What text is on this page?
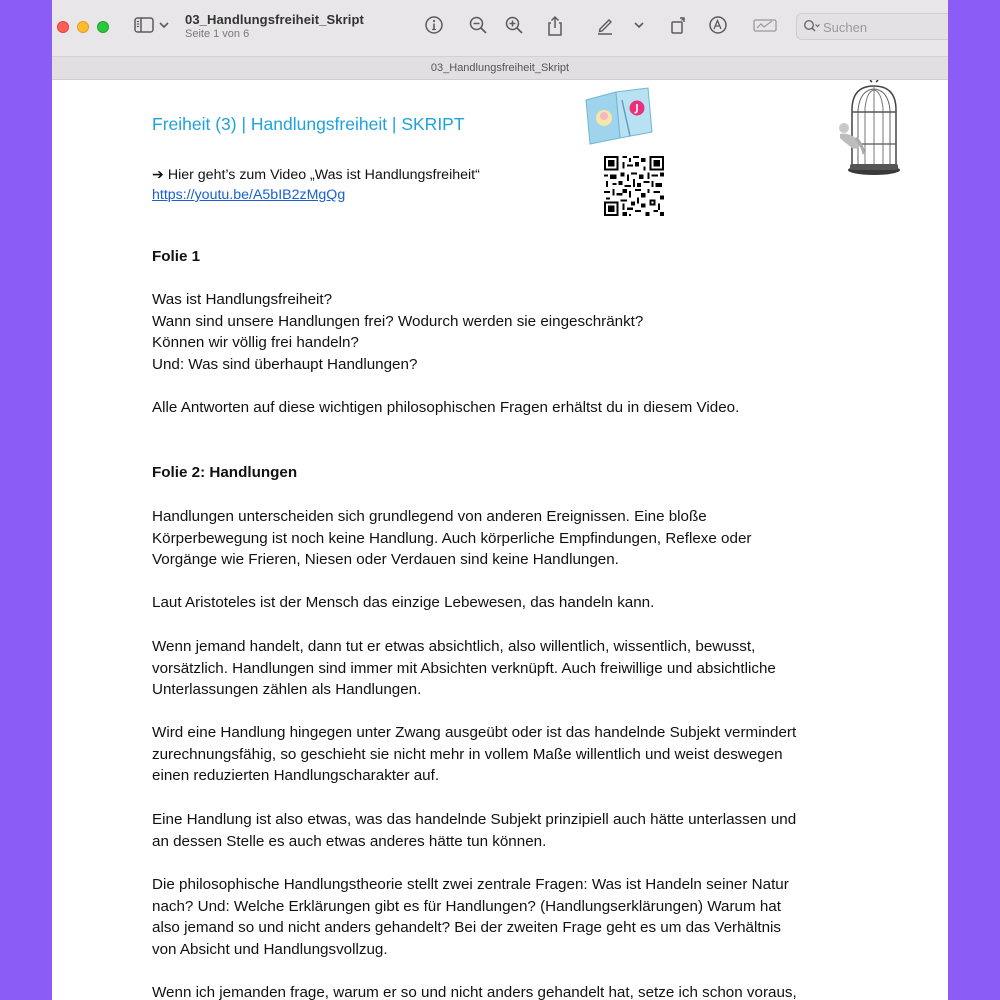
03_Handlungsfreiheit_Skript
Seite 1 von 6	Suchen
03_Handlungsfreiheit_Skript
Freiheit (3) | Handlungsfreiheit | SKRIPT
➔ Hier geht’s zum Video „Was ist Handlungsfreiheit“
https://youtu.be/A5bIB2zMgQg

Folie 1

Was ist Handlungsfreiheit?

Wann sind unsere Handlungen frei? Wodurch werden sie eingeschränkt?

Können wir völlig frei handeln?

Und: Was sind überhaupt Handlungen?

Alle Antworten auf diese wichtigen philosophischen Fragen erhältst du in diesem Video.

Folie 2: Handlungen

Handlungen unterscheiden sich grundlegend von anderen Ereignissen. Eine bloße

Körperbewegung ist noch keine Handlung. Auch körperliche Empfindungen, Reflexe oder

Vorgänge wie Frieren, Niesen oder Verdauen sind keine Handlungen.

Laut Aristoteles ist der Mensch das einzige Lebewesen, das handeln kann.

Wenn jemand handelt, dann tut er etwas absichtlich, also willentlich, wissentlich, bewusst,

vorsätzlich. Handlungen sind immer mit Absichten verknüpft. Auch freiwillige und absichtliche

Unterlassungen zählen als Handlungen.

Wird eine Handlung hingegen unter Zwang ausgeübt oder ist das handelnde Subjekt vermindert

zurechnungsfähig, so geschieht sie nicht mehr in vollem Maße willentlich und weist deswegen

einen reduzierten Handlungscharakter auf.

Eine Handlung ist also etwas, was das handelnde Subjekt prinzipiell auch hätte unterlassen und

an dessen Stelle es auch etwas anderes hätte tun können.

Die philosophische Handlungstheorie stellt zwei zentrale Fragen: Was ist Handeln seiner Natur

nach? Und: Welche Erklärungen gibt es für Handlungen? (Handlungserklärungen) Warum hat

also jemand so und nicht anders gehandelt? Bei der zweiten Frage geht es um das Verhältnis

von Absicht und Handlungsvollzug.

Wenn ich jemanden frage, warum er so und nicht anders gehandelt hat, setze ich schon voraus,
